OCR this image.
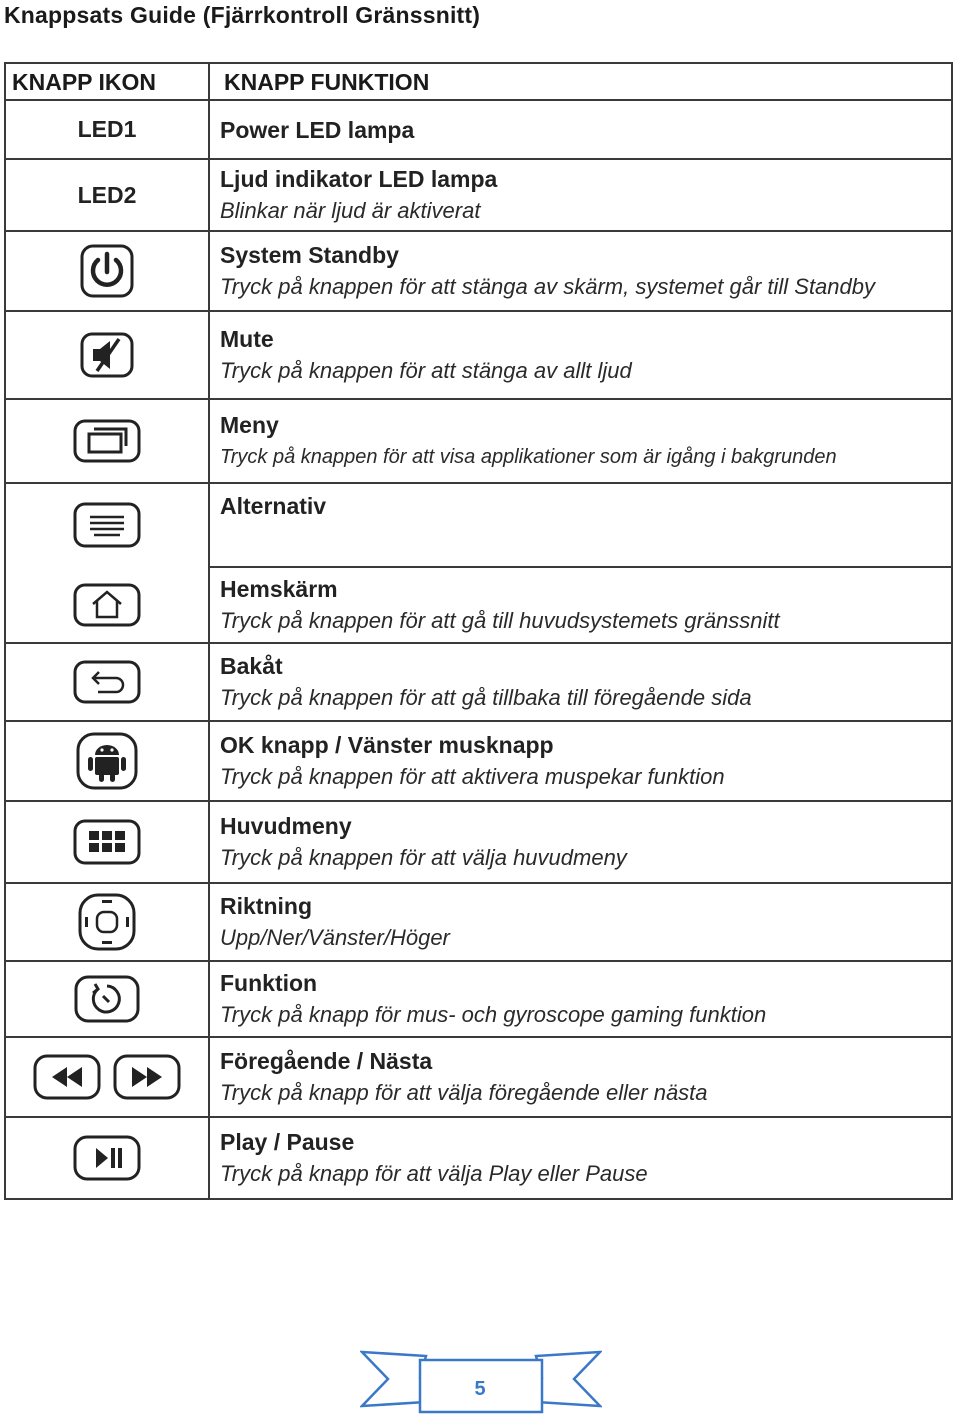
Knappsats Guide (Fjärrkontroll Gränssnitt)
KNAPP IKON	KNAPP FUNKTION
LED1	Power LED lampa
LED2
Ljud indikator LED lampa
Blinkar när ljud är aktiverat
System Standby
Tryck på knappen för att stänga av skärm, systemet går till Standby
Mute
Tryck på knappen för att stänga av allt ljud
Meny
Tryck på knappen för att visa applikationer som är igång i bakgrunden
Alternativ
Hemskärm
Tryck på knappen för att gå till huvudsystemets gränssnitt
Bakåt
Tryck på knappen för att gå tillbaka till föregående sida
OK knapp / Vänster musknapp
Tryck på knappen för att aktivera muspekar funktion
Huvudmeny
Tryck på knappen för att välja huvudmeny
Riktning
Upp/Ner/Vänster/Höger
Funktion
Tryck på knapp för mus- och gyroscope gaming funktion
Föregående / Nästa
Tryck på knapp för att välja föregående eller nästa
Play / Pause
Tryck på knapp för att välja Play eller Pause
5
